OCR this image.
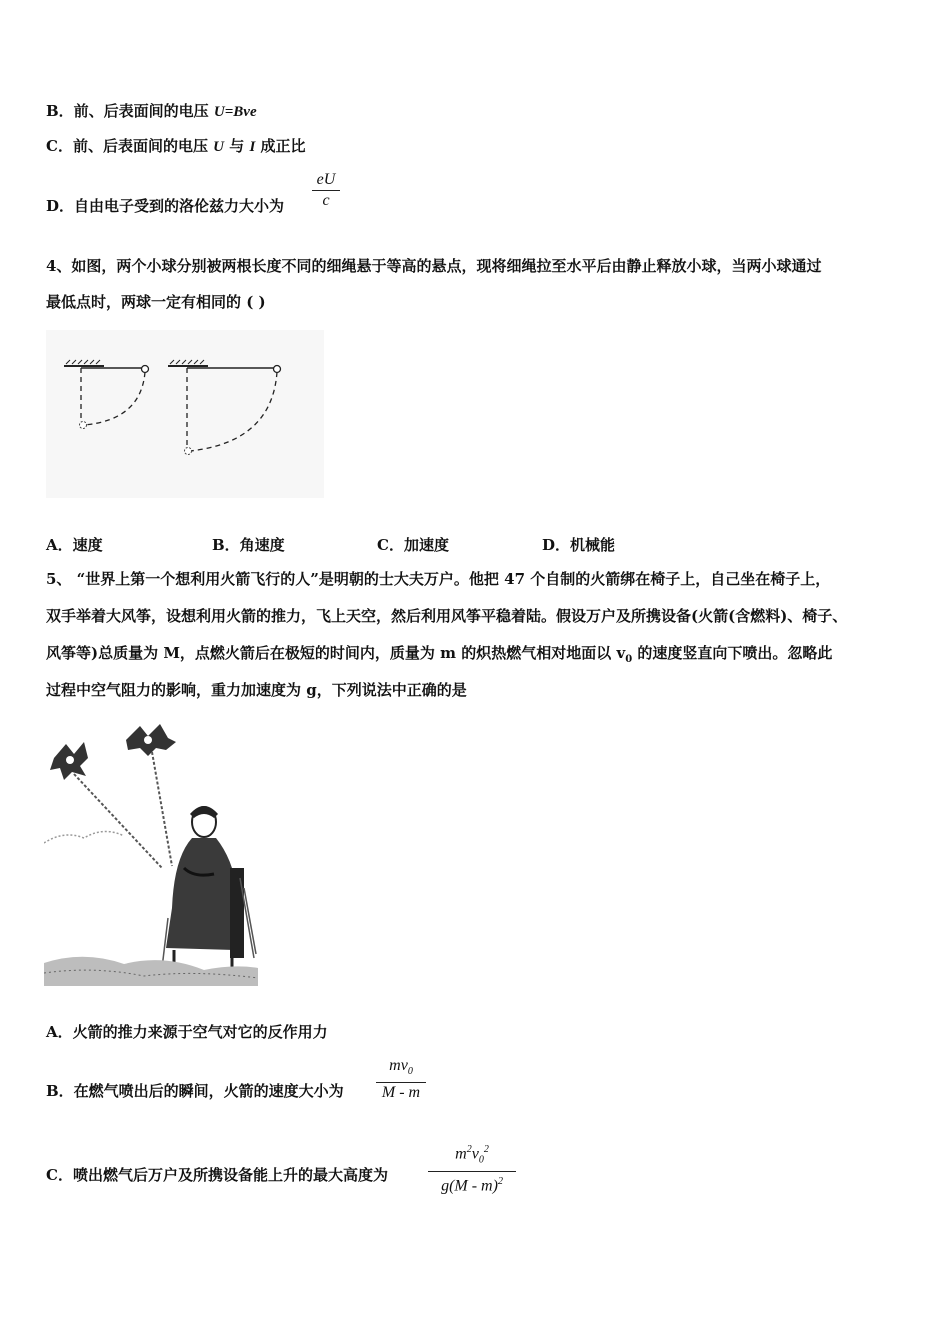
B．前、后表面间的电压 U=Bve
C．前、后表面间的电压 U 与 I 成正比
D．自由电子受到的洛伦兹力大小为
eU
c
4、如图，两个小球分别被两根长度不同的细绳悬于等高的悬点，现将细绳拉至水平后由静止释放小球，当两小球通过
最低点时，两球一定有相同的 ( )
A．速度	B．角速度	C．加速度	D．机械能
5、 “世界上第一个想利用火箭飞行的人”是明朝的士大夫万户。他把 47 个自制的火箭绑在椅子上，自己坐在椅子上，
双手举着大风筝，设想利用火箭的推力，飞上天空，然后利用风筝平稳着陆。假设万户及所携设备(火箭(含燃料)、椅子、
风筝等)总质量为 M，点燃火箭后在极短的时间内，质量为 m 的炽热燃气相对地面以 $v_0$ 的速度竖直向下喷出。忽略此
过程中空气阻力的影响，重力加速度为 g，下列说法中正确的是
A．火箭的推力来源于空气对它的反作用力
B．在燃气喷出后的瞬间，火箭的速度大小为
$mv_0$
M - m
C．喷出燃气后万户及所携设备能上升的最大高度为
$m^2v_0^2$
g(M - m)$^2$
